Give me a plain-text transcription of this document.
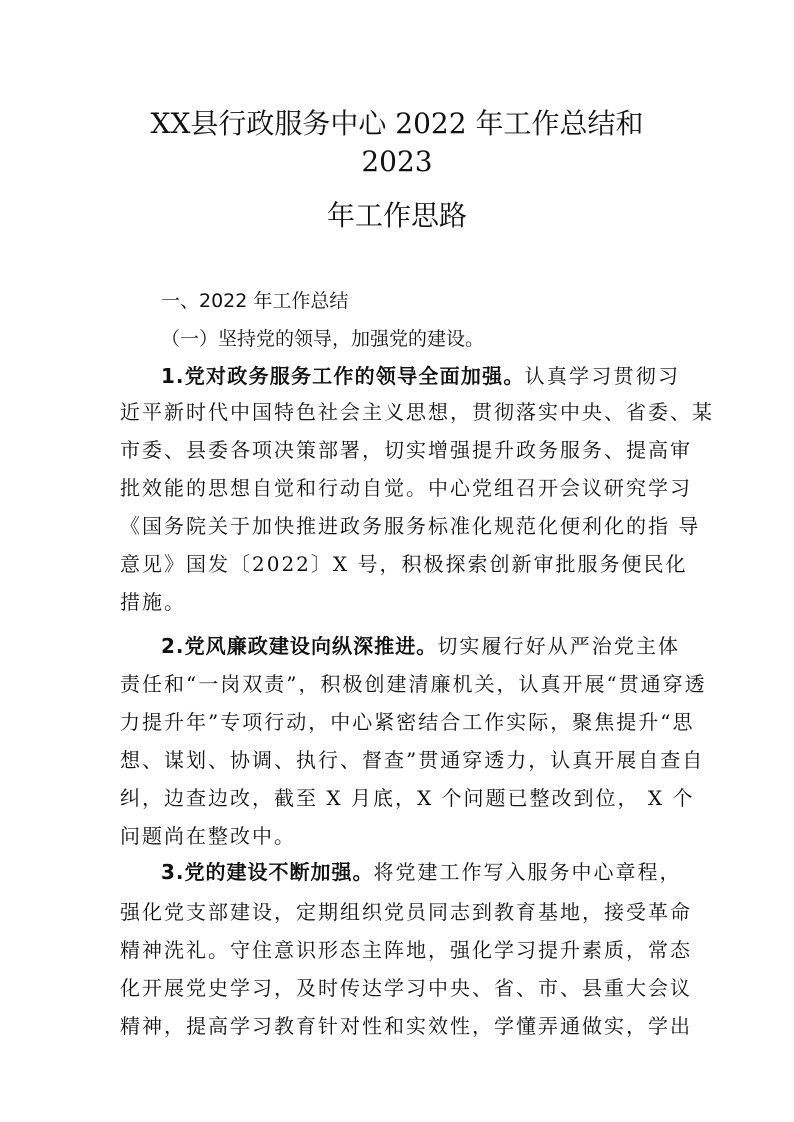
XX县行政服务中心 2022 年工作总结和
2023
年工作思路
一、2022 年工作总结
（一）坚持党的领导，加强党的建设。
1.党对政务服务工作的领导全面加强。认真学习贯彻习
近平新时代中国特色社会主义思想，贯彻落实中央、省委、某
市委、县委各项决策部署，切实增强提升政务服务、提高审
批效能的思想自觉和行动自觉。中心党组召开会议研究学习
《国务院关于加快推进政务服务标准化规范化便利化的指 导
意见》国发〔2022〕X 号，积极探索创新审批服务便民化
措施。
2.党风廉政建设向纵深推进。切实履行好从严治党主体
责任和“一岗双责”，积极创建清廉机关，认真开展“贯通穿透
力提升年”专项行动，中心紧密结合工作实际，聚焦提升“思
想、谋划、协调、执行、督查”贯通穿透力，认真开展自查自
纠，边查边改，截至 X 月底，X 个问题已整改到位， X 个
问题尚在整改中。
3.党的建设不断加强。将党建工作写入服务中心章程，
强化党支部建设，定期组织党员同志到教育基地，接受革命
精神洗礼。守住意识形态主阵地，强化学习提升素质，常态
化开展党史学习，及时传达学习中央、省、市、县重大会议
精神，提高学习教育针对性和实效性，学懂弄通做实，学出
